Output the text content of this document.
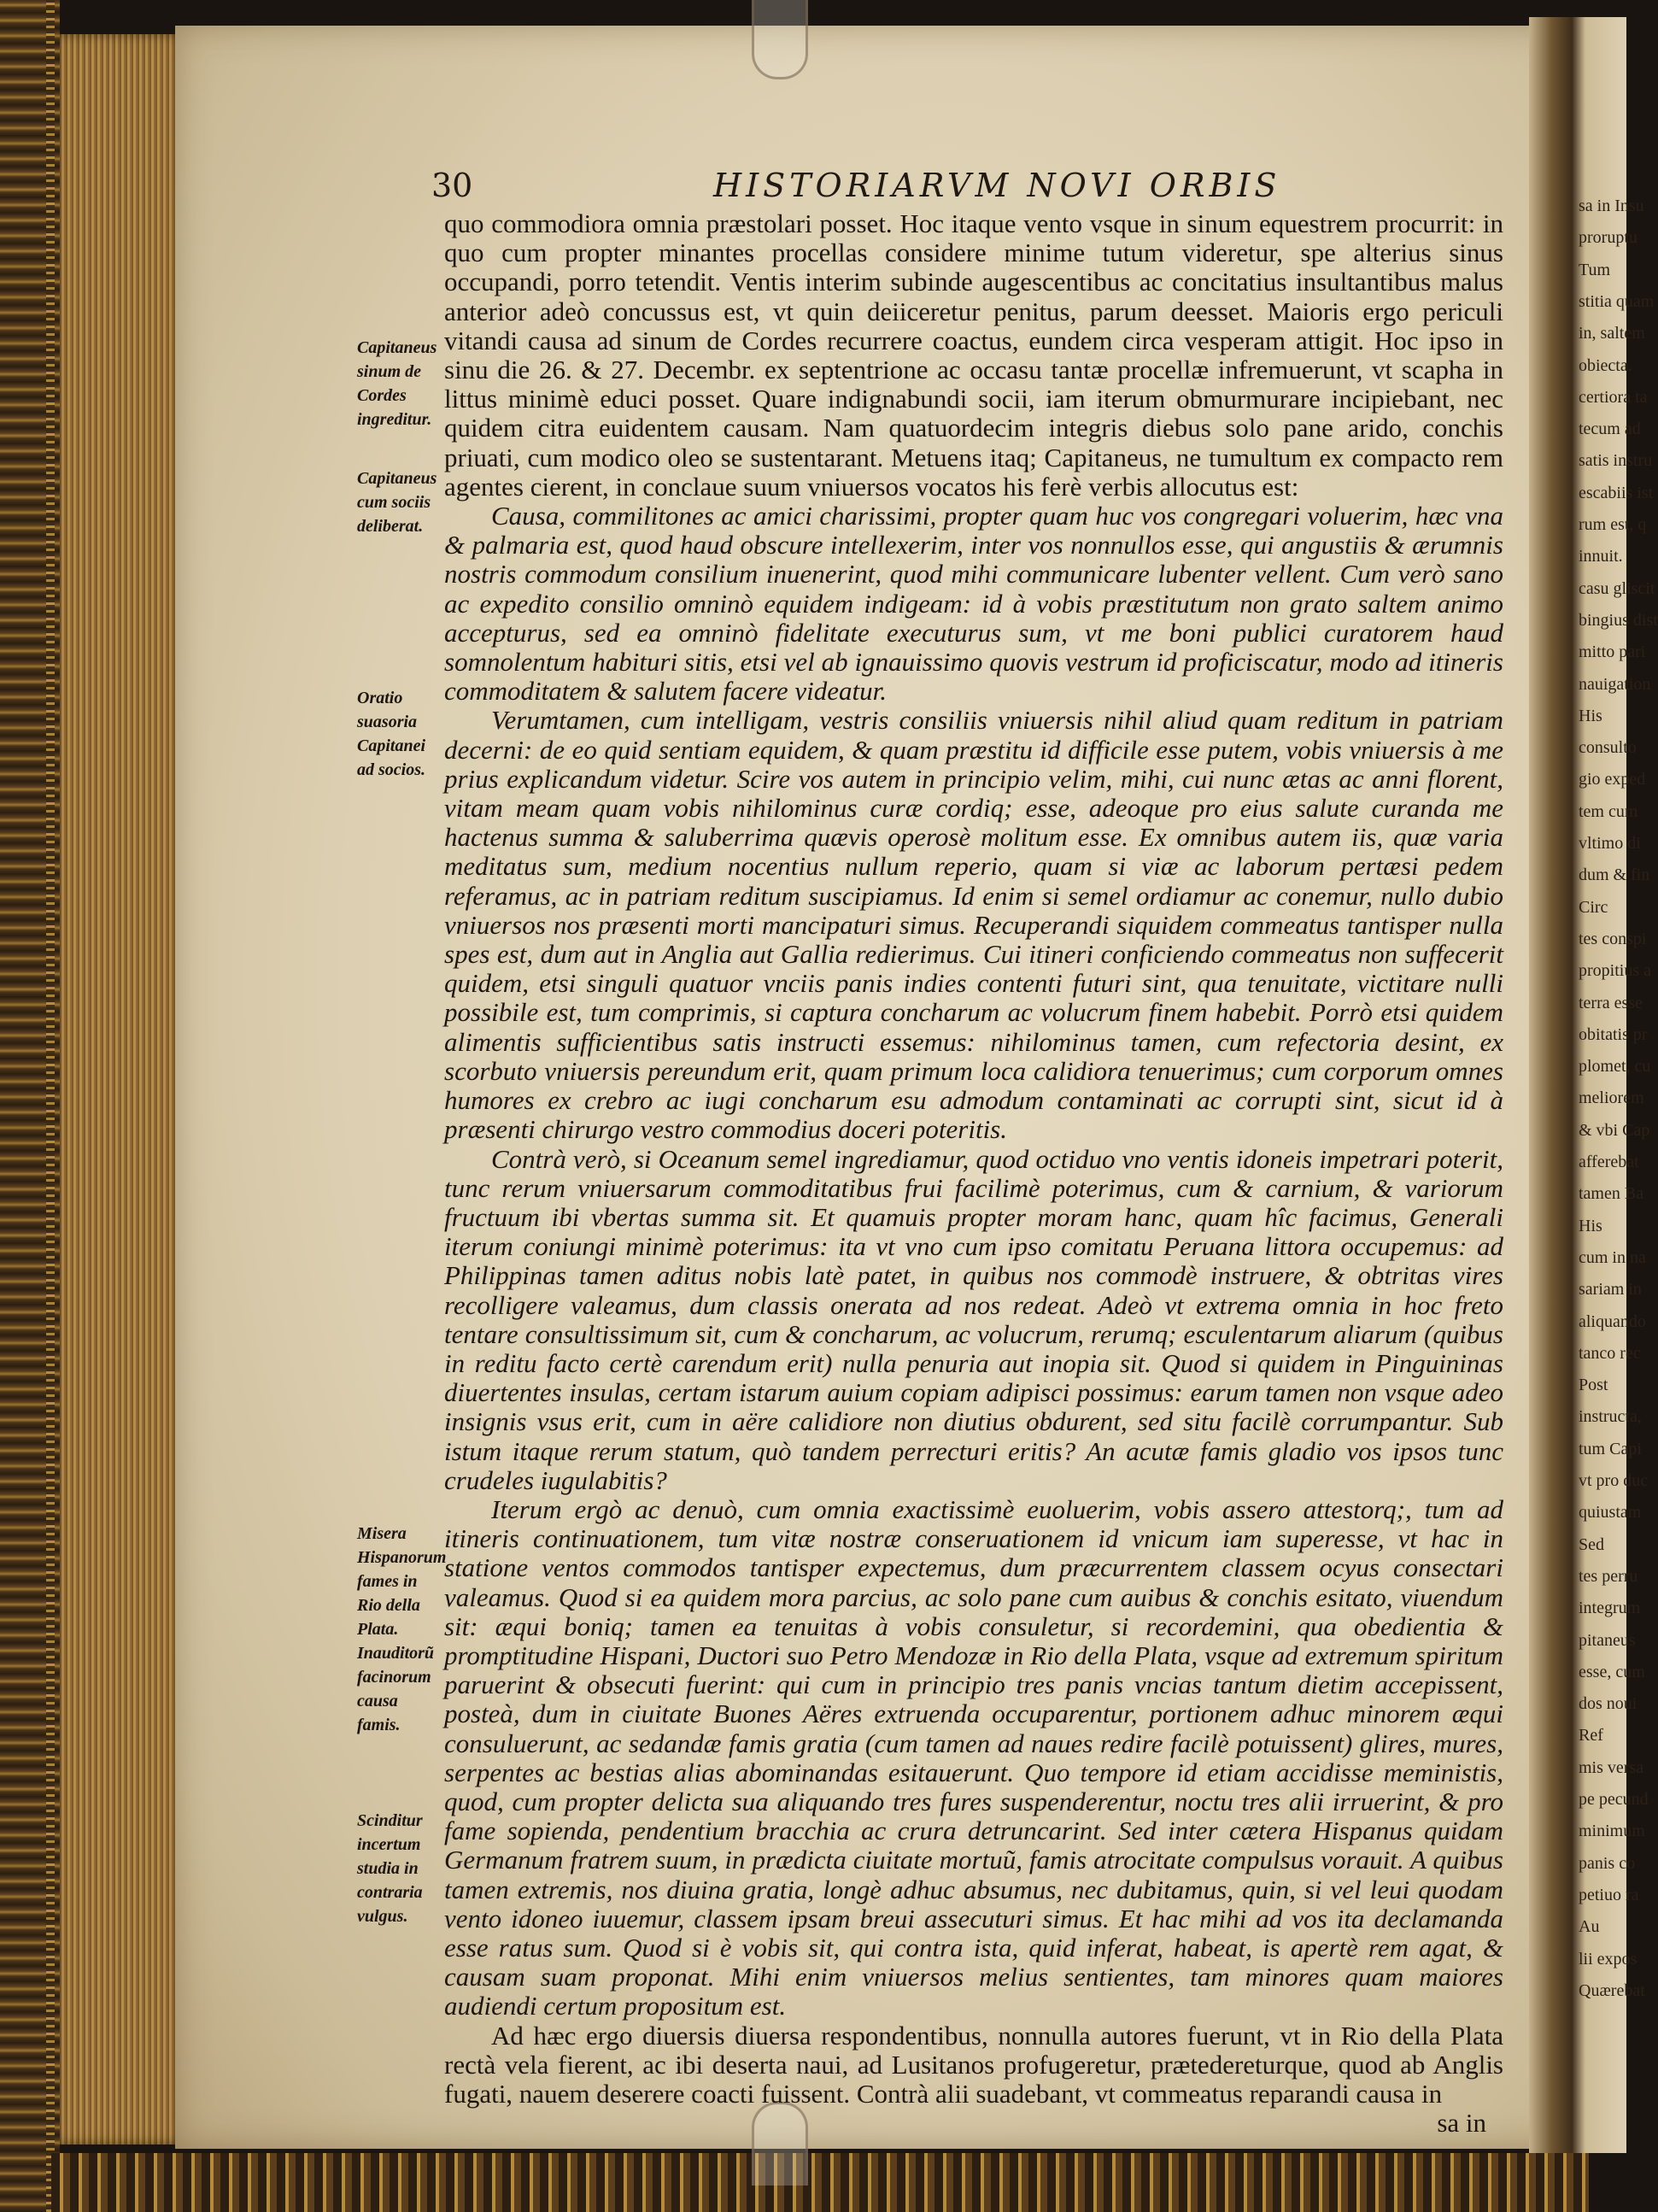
sa in Insu
proruptu
Tum
stitia quam
in, saltem
obiecta.
certiora ta
tecum ad
satis instru
escabiis ist
rum est, q
innuit.
casu gliscit
bingius dist
mitto pari
nauigation
His
consulto
gio exped
tem cum
vltimo di
dum & fin
Circ
tes conspi
propitius a
terra esse
obitatis pr
plomet, cu
meliorem
& vbi Cap
afferebat
tamen Ba
His
cum in na
sariam in
aliquando
tanco rec
Post
instructa,
tum Capi
vt pro duc
quiustam
Sed
tes perru
integrum
pitaneus
esse, cum
dos noui
Ref
mis versa
pe pecund
minimum
panis co
petiuo ra
Au
lii expos
Quærebat
30	HISTORIARVM NOVI ORBIS
Capitaneus sinum de Cordes ingreditur.
Capitaneus cum sociis deliberat.
Oratio suasoria Capitanei ad socios.
Misera Hispanorum fames in Rio della Plata. Inauditorũ facinorum causa famis.
Scinditur incertum studia in contraria vulgus.

quo commodiora omnia præstolari posset. Hoc itaque vento vsque in sinum equestrem procurrit: in quo cum propter minantes procellas considere minime tutum videretur, spe alterius sinus occupandi, porro tetendit. Ventis interim subinde augescentibus ac concitatius insultantibus malus anterior adeò concussus est, vt quin deiiceretur penitus, parum deesset. Maioris ergo periculi vitandi causa ad sinum de Cordes recurrere coactus, eundem circa vesperam attigit. Hoc ipso in sinu die 26. & 27. Decembr. ex septentrione ac occasu tantæ procellæ infremuerunt, vt scapha in littus minimè educi posset. Quare indignabundi socii, iam iterum obmurmurare incipiebant, nec quidem citra euidentem causam. Nam quatuordecim integris diebus solo pane arido, conchis priuati, cum modico oleo se sustentarant. Metuens itaq; Capitaneus, ne tumultum ex compacto rem agentes cierent, in conclaue suum vniuersos vocatos his ferè verbis allocutus est:

Causa, commilitones ac amici charissimi, propter quam huc vos congregari voluerim, hæc vna & palmaria est, quod haud obscure intellexerim, inter vos nonnullos esse, qui angustiis & ærumnis nostris commodum consilium inuenerint, quod mihi communicare lubenter vellent. Cum verò sano ac expedito consilio omninò equidem indigeam: id à vobis præstitutum non grato saltem animo accepturus, sed ea omninò fidelitate executurus sum, vt me boni publici curatorem haud somnolentum habituri sitis, etsi vel ab ignauissimo quovis vestrum id proficiscatur, modo ad itineris commoditatem & salutem facere videatur.

Verumtamen, cum intelligam, vestris consiliis vniuersis nihil aliud quam reditum in patriam decerni: de eo quid sentiam equidem, & quam præstitu id difficile esse putem, vobis vniuersis à me prius explicandum videtur. Scire vos autem in principio velim, mihi, cui nunc ætas ac anni florent, vitam meam quam vobis nihilominus curæ cordiq; esse, adeoque pro eius salute curanda me hactenus summa & saluberrima quævis operosè molitum esse. Ex omnibus autem iis, quæ varia meditatus sum, medium nocentius nullum reperio, quam si viæ ac laborum pertæsi pedem referamus, ac in patriam reditum suscipiamus. Id enim si semel ordiamur ac conemur, nullo dubio vniuersos nos præsenti morti mancipaturi simus. Recuperandi siquidem commeatus tantisper nulla spes est, dum aut in Anglia aut Gallia redierimus. Cui itineri conficiendo commeatus non suffecerit quidem, etsi singuli quatuor vnciis panis indies contenti futuri sint, qua tenuitate, victitare nulli possibile est, tum comprimis, si captura concharum ac volucrum finem habebit. Porrò etsi quidem alimentis sufficientibus satis instructi essemus: nihilominus tamen, cum refectoria desint, ex scorbuto vniuersis pereundum erit, quam primum loca calidiora tenuerimus; cum corporum omnes humores ex crebro ac iugi concharum esu admodum contaminati ac corrupti sint, sicut id à præsenti chirurgo vestro commodius doceri poteritis.

Contrà verò, si Oceanum semel ingrediamur, quod octiduo vno ventis idoneis impetrari poterit, tunc rerum vniuersarum commoditatibus frui facilimè poterimus, cum & carnium, & variorum fructuum ibi vbertas summa sit. Et quamuis propter moram hanc, quam hîc facimus, Generali iterum coniungi minimè poterimus: ita vt vno cum ipso comitatu Peruana littora occupemus: ad Philippinas tamen aditus nobis latè patet, in quibus nos commodè instruere, & obtritas vires recolligere valeamus, dum classis onerata ad nos redeat. Adeò vt extrema omnia in hoc freto tentare consultissimum sit, cum & concharum, ac volucrum, rerumq; esculentarum aliarum (quibus in reditu facto certè carendum erit) nulla penuria aut inopia sit. Quod si quidem in Pinguininas diuertentes insulas, certam istarum auium copiam adipisci possimus: earum tamen non vsque adeo insignis vsus erit, cum in aëre calidiore non diutius obdurent, sed situ facilè corrumpantur. Sub istum itaque rerum statum, quò tandem perrecturi eritis? An acutæ famis gladio vos ipsos tunc crudeles iugulabitis?

Iterum ergò ac denuò, cum omnia exactissimè euoluerim, vobis assero attestorq;, tum ad itineris continuationem, tum vitæ nostræ conseruationem id vnicum iam superesse, vt hac in statione ventos commodos tantisper expectemus, dum præcurrentem classem ocyus consectari valeamus. Quod si ea quidem mora parcius, ac solo pane cum auibus & conchis esitato, viuendum sit: æqui boniq; tamen ea tenuitas à vobis consuletur, si recordemini, qua obedientia & promptitudine Hispani, Ductori suo Petro Mendozæ in Rio della Plata, vsque ad extremum spiritum paruerint & obsecuti fuerint: qui cum in principio tres panis vncias tantum dietim accepissent, posteà, dum in ciuitate Buones Aëres extruenda occuparentur, portionem adhuc minorem æqui consuluerunt, ac sedandæ famis gratia (cum tamen ad naues redire facilè potuissent) glires, mures, serpentes ac bestias alias abominandas esitauerunt. Quo tempore id etiam accidisse meministis, quod, cum propter delicta sua aliquando tres fures suspenderentur, noctu tres alii irruerint, & pro fame sopienda, pendentium bracchia ac crura detruncarint. Sed inter cætera Hispanus quidam Germanum fratrem suum, in prædicta ciuitate mortuũ, famis atrocitate compulsus vorauit. A quibus tamen extremis, nos diuina gratia, longè adhuc absumus, nec dubitamus, quin, si vel leui quodam vento idoneo iuuemur, classem ipsam breui assecuturi simus. Et hac mihi ad vos ita declamanda esse ratus sum. Quod si è vobis sit, qui contra ista, quid inferat, habeat, is apertè rem agat, & causam suam proponat. Mihi enim vniuersos melius sentientes, tam minores quam maiores audiendi certum propositum est.

Ad hæc ergo diuersis diuersa respondentibus, nonnulla autores fuerunt, vt in Rio della Plata rectà vela fierent, ac ibi deserta naui, ad Lusitanos profugeretur, prætedereturque, quod ab Anglis fugati, nauem deserere coacti fuissent. Contrà alii suadebant, vt commeatus reparandi causa in

sa in
